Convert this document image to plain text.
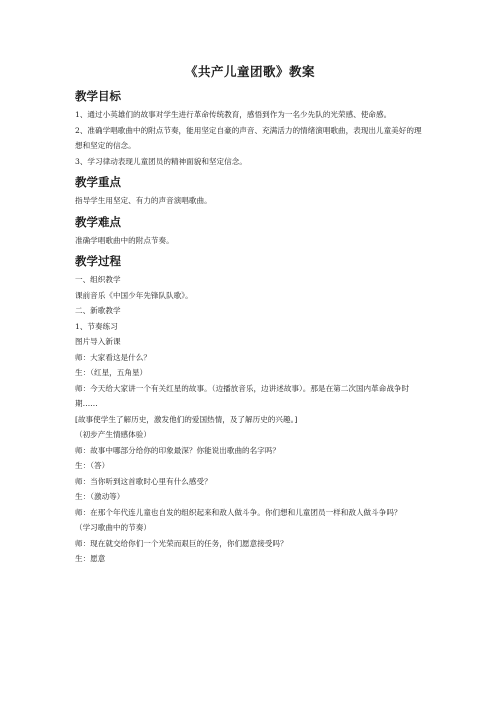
《共产儿童团歌》教案
教学目标

1、通过小英雄们的故事对学生进行革命传统教育，感悟到作为一名少先队的光荣感、使命感。

2、准确学唱歌曲中的附点节奏，能用坚定自豪的声音、充满活力的情绪演唱歌曲，表现出儿童美好的理想和坚定的信念。

3、学习律动表现儿童团员的精神面貌和坚定信念。

教学重点

指导学生用坚定、有力的声音演唱歌曲。

教学难点

准确学唱歌曲中的附点节奏。

教学过程

一、组织教学

课前音乐《中国少年先锋队队歌》。

二、新歌教学

1、节奏练习

图片导入新课

师：大家看这是什么？

生：（红星，五角星）

师：今天给大家讲一个有关红星的故事。（边播放音乐，边讲述故事）。那是在第二次国内革命战争时期……

[故事使学生了解历史，激发他们的爱国热情，及了解历史的兴趣。]

（初步产生情感体验）

师：故事中哪部分给你的印象最深？你能说出歌曲的名字吗？

生：（答）

师：当你听到这首歌时心里有什么感受？

生：（激动等）

师：在那个年代连儿童也自发的组织起来和敌人做斗争。你们想和儿童团员一样和敌人做斗争吗？

（学习歌曲中的节奏）

师：现在就交给你们一个光荣而艰巨的任务，你们愿意接受吗？

生：愿意
